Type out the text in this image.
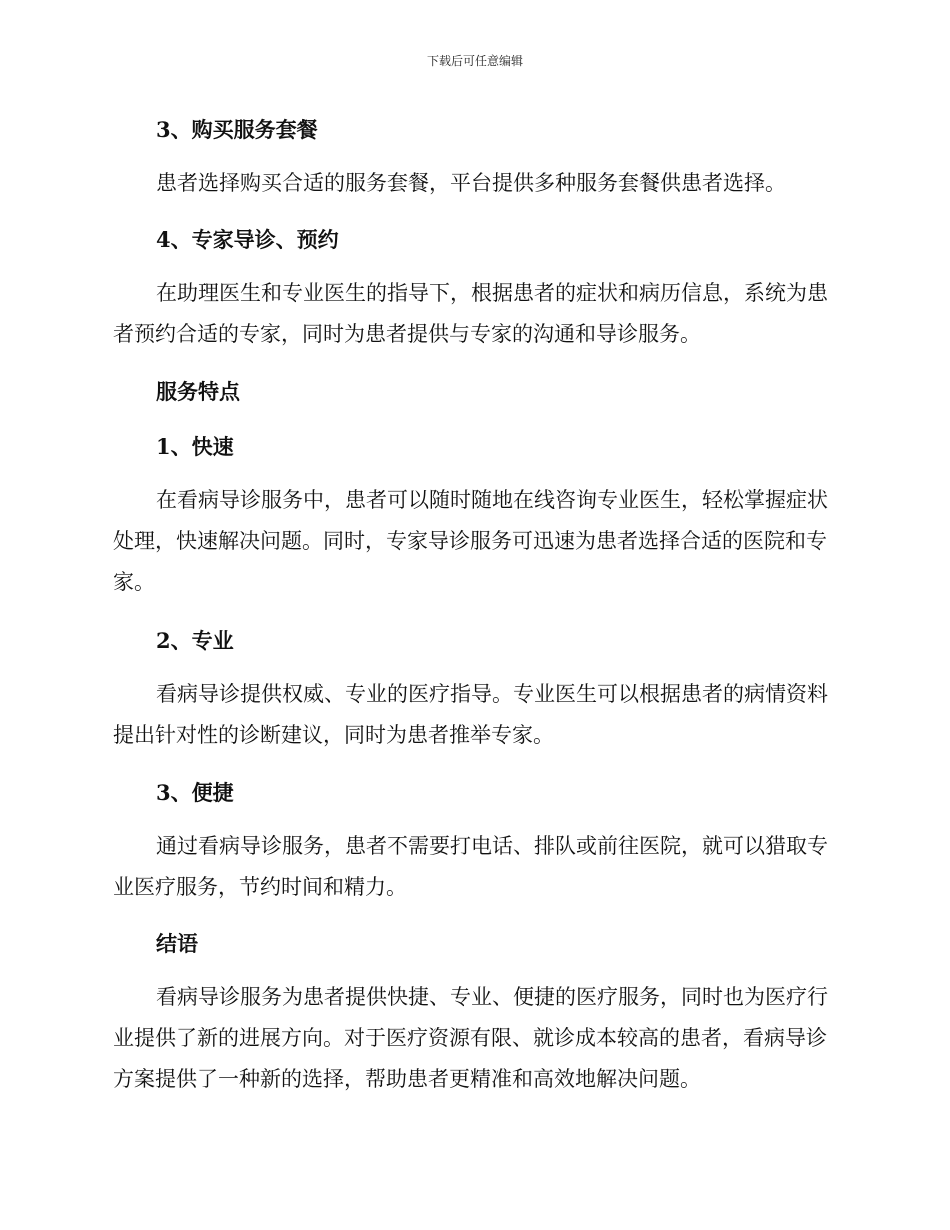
下载后可任意编辑
3、购买服务套餐

患者选择购买合适的服务套餐，平台提供多种服务套餐供患者选择。

4、专家导诊、预约

在助理医生和专业医生的指导下，根据患者的症状和病历信息，系统为患者预约合适的专家，同时为患者提供与专家的沟通和导诊服务。

服务特点
1、快速

在看病导诊服务中，患者可以随时随地在线咨询专业医生，轻松掌握症状处理，快速解决问题。同时，专家导诊服务可迅速为患者选择合适的医院和专家。

2、专业

看病导诊提供权威、专业的医疗指导。专业医生可以根据患者的病情资料提出针对性的诊断建议，同时为患者推举专家。

3、便捷

通过看病导诊服务，患者不需要打电话、排队或前往医院，就可以猎取专业医疗服务，节约时间和精力。

结语

看病导诊服务为患者提供快捷、专业、便捷的医疗服务，同时也为医疗行业提供了新的进展方向。对于医疗资源有限、就诊成本较高的患者，看病导诊方案提供了一种新的选择，帮助患者更精准和高效地解决问题。
